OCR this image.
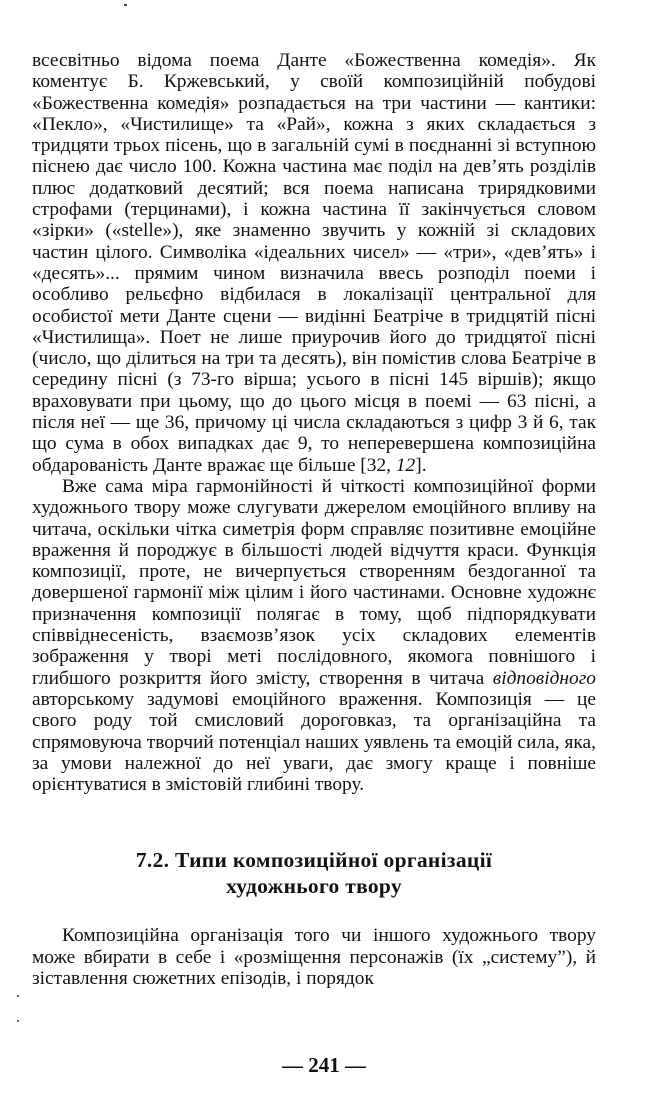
всесвітньо відома поема Данте «Божественна комедія». Як коментує Б. Кржевський, у своїй композиційній побудові «Божественна комедія» розпадається на три частини — кантики: «Пекло», «Чистилище» та «Рай», кожна з яких складається з тридцяти трьох пісень, що в загальній сумі в поєднанні зі вступною піснею дає число 100. Кожна частина має поділ на дев’ять розділів плюс додатковий десятий; вся поема написана трирядковими строфами (терцинами), і кожна частина її закінчується словом «зірки» («stelle»), яке знаменно звучить у кожній зі складових частин цілого. Символіка «ідеальних чисел» — «три», «дев’ять» і «десять»... прямим чином визначила ввесь розподіл поеми і особливо рельєфно відбилася в локалізації центральної для особистої мети Данте сцени — видінні Беатріче в тридцятій пісні «Чистилища». Поет не лише приурочив його до тридцятої пісні (число, що ділиться на три та десять), він помістив слова Беатріче в середину пісні (з 73-го вірша; усього в пісні 145 віршів); якщо враховувати при цьому, що до цього місця в поемі — 63 пісні, а після неї — ще 36, причому ці числа складаються з цифр 3 й 6, так що сума в обох випадках дає 9, то неперевершена композиційна обдарованість Данте вражає ще більше [32, 12].

Вже сама міра гармонійності й чіткості композиційної форми художнього твору може слугувати джерелом емоційного впливу на читача, оскільки чітка симетрія форм справляє позитивне емоційне враження й породжує в більшості людей відчуття краси. Функція композиції, проте, не вичерпується створенням бездоганної та довершеної гармонії між цілим і його частинами. Основне художнє призначення композиції полягає в тому, щоб підпорядкувати співвіднесеність, взаємозв’язок усіх складових елементів зображення у творі меті послідовного, якомога повнішого і глибшого розкриття його змісту, створення в читача відповідного авторському задумові емоційного враження. Композиція — це свого роду той смисловий дороговказ, та організаційна та спрямовуюча творчий потенціал наших уявлень та емоцій сила, яка, за умови належної до неї уваги, дає змогу краще і повніше орієнтуватися в змістовій глибині твору.

7.2. Типи композиційної організації
художнього твору

Композиційна організація того чи іншого художнього твору може вбирати в себе і «розміщення персонажів (їх „систему”), й зіставлення сюжетних епізодів, і порядок

— 241 —
